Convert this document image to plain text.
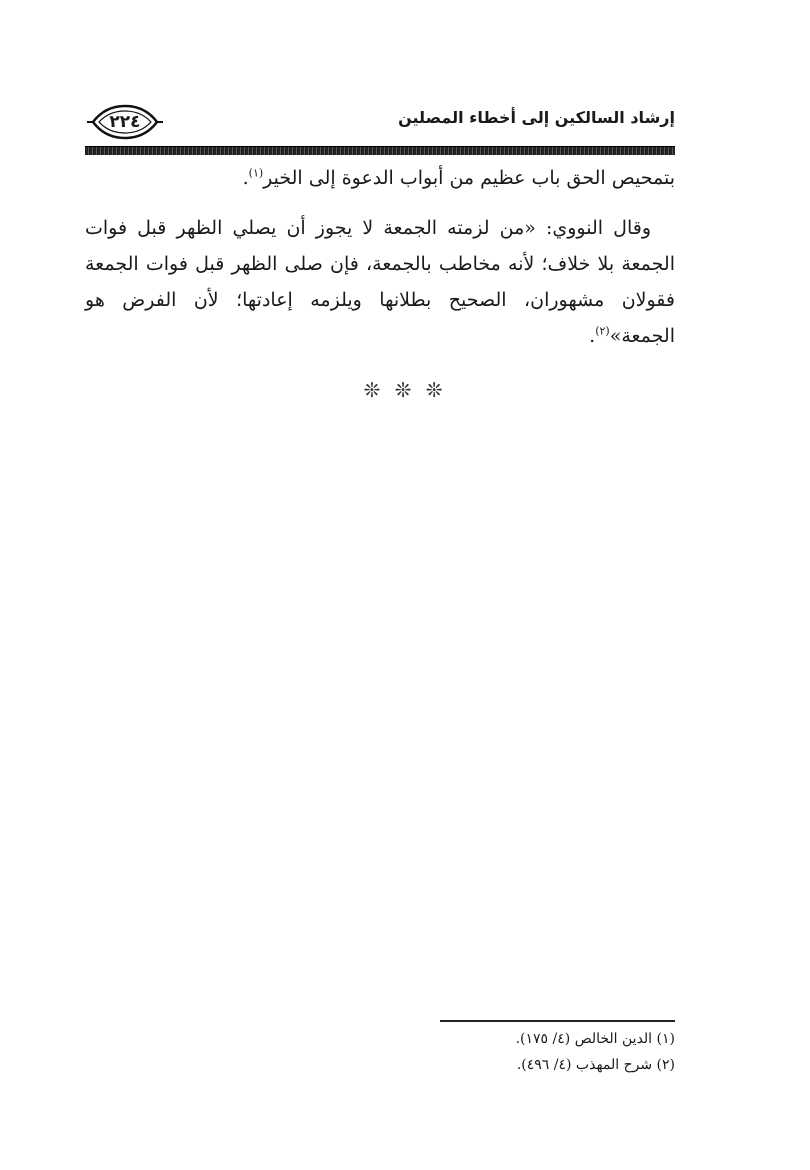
٢٢٤	إرشاد السالكين إلى أخطاء المصلين

بتمحيص الحق باب عظيم من أبواب الدعوة إلى الخير$^{(١)}$.

وقال النووي: «من لزمته الجمعة لا يجوز أن يصلي الظهر قبل فوات الجمعة بلا خلاف؛ لأنه مخاطب بالجمعة، فإن صلى الظهر قبل فوات الجمعة فقولان مشهوران، الصحيح بطلانها ويلزمه إعادتها؛ لأن الفرض هو الجمعة»$^{(٢)}$.

❊ ❊ ❊
(١) الدين الخالص (٤/ ١٧٥).
(٢) شرح المهذب (٤/ ٤٩٦).
